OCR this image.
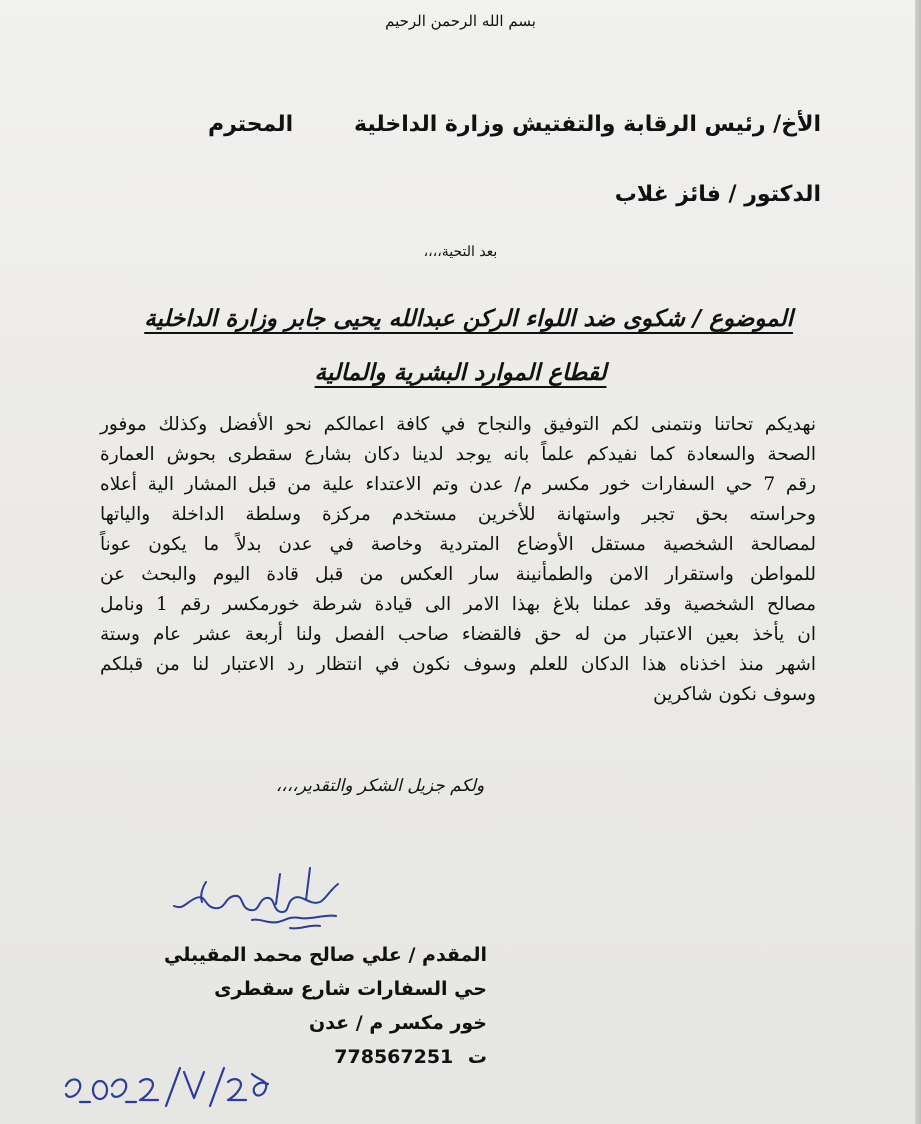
بسم الله الرحمن الرحيم
الأخ/ رئيس الرقابة والتفتيش وزارة الداخلية
المحترم
الدكتور / فائز غلاب
بعد التحية،،،،
الموضوع / شكوى ضد اللواء الركن عبدالله يحيى جابر وزارة الداخلية
لقطاع الموارد البشرية والمالية
نهديكم تحاتنا ونتمنى لكم التوفيق والنجاح في كافة اعمالكم نحو الأفضل وكذلك موفور
الصحة والسعادة كما نفيدكم علماً بانه يوجد لدينا دكان بشارع سقطرى بحوش العمارة
رقم 7 حي السفارات خور مكسر م/ عدن وتم الاعتداء علية من قبل المشار الية أعلاه
وحراسته بحق تجبر واستهانة للأخرين مستخدم مركزة وسلطة الداخلة والياتها
لمصالحة الشخصية مستقل الأوضاع المتردية وخاصة في عدن بدلاً ما يكون عوناً
للمواطن واستقرار الامن والطمأنينة سار العكس من قبل قادة اليوم والبحث عن
مصالح الشخصية وقد عملنا بلاغ بهذا الامر الى قيادة شرطة خورمكسر رقم 1 ونامل
ان يأخذ بعين الاعتبار من له حق فالقضاء صاحب الفصل ولنا أربعة عشر عام وستة
اشهر منذ اخذناه هذا الدكان للعلم وسوف نكون في انتظار رد الاعتبار لنا من قبلكم
وسوف نكون شاكرين
ولكم جزيل الشكر والتقدير،،،،
المقدم / علي صالح محمد المقيبلي
حي السفارات شارع سقطرى
خور مكسر م / عدن
ت 778567251
